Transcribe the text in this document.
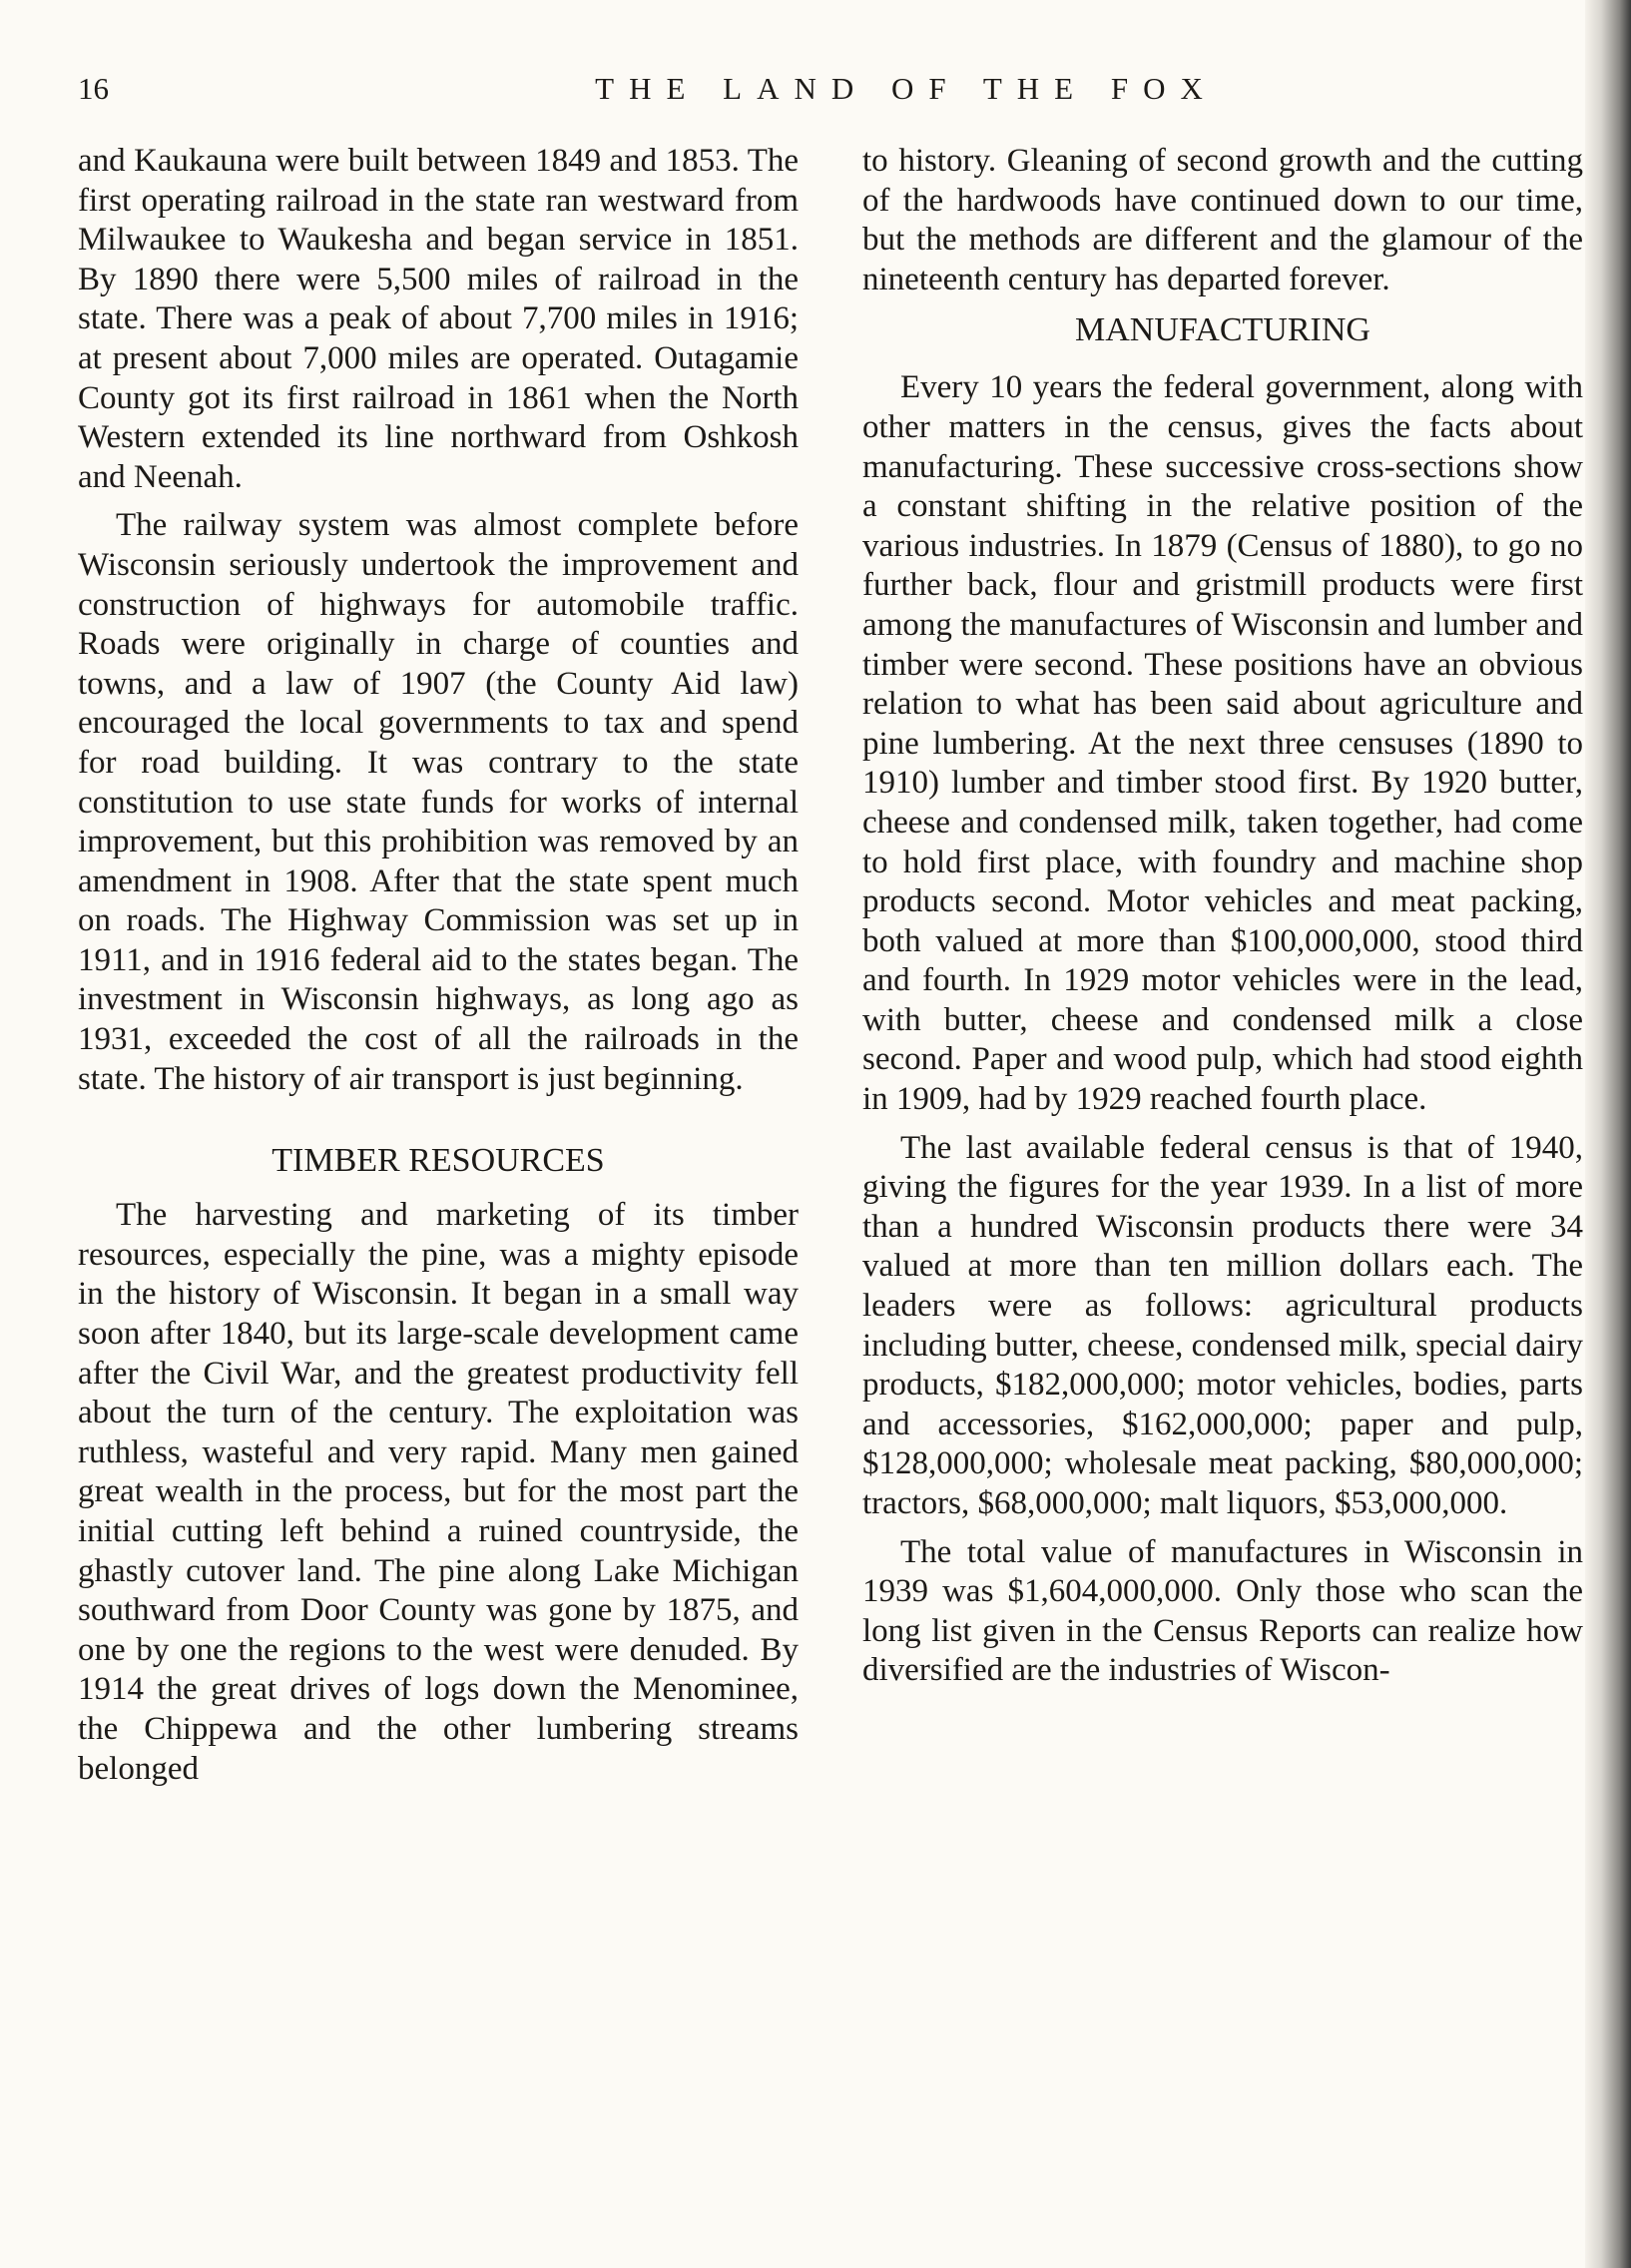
16	THE LAND OF THE FOX

and Kaukauna were built between 1849 and 1853. The first operating railroad in the state ran westward from Milwaukee to Waukesha and began service in 1851. By 1890 there were 5,500 miles of railroad in the state. There was a peak of about 7,700 miles in 1916; at present about 7,000 miles are operated. Outagamie County got its first railroad in 1861 when the North Western extended its line northward from Oshkosh and Neenah.

The railway system was almost complete before Wisconsin seriously undertook the improvement and construction of highways for automobile traffic. Roads were originally in charge of counties and towns, and a law of 1907 (the County Aid law) encouraged the local governments to tax and spend for road building. It was contrary to the state constitution to use state funds for works of internal improvement, but this prohibition was removed by an amendment in 1908. After that the state spent much on roads. The Highway Commission was set up in 1911, and in 1916 federal aid to the states began. The investment in Wisconsin highways, as long ago as 1931, exceeded the cost of all the railroads in the state. The history of air transport is just beginning.

TIMBER RESOURCES

The harvesting and marketing of its timber resources, especially the pine, was a mighty episode in the history of Wisconsin. It began in a small way soon after 1840, but its large-scale development came after the Civil War, and the greatest productivity fell about the turn of the century. The exploitation was ruthless, wasteful and very rapid. Many men gained great wealth in the process, but for the most part the initial cutting left behind a ruined countryside, the ghastly cutover land. The pine along Lake Michigan southward from Door County was gone by 1875, and one by one the regions to the west were denuded. By 1914 the great drives of logs down the Menominee, the Chippewa and the other lumbering streams belonged

to history. Gleaning of second growth and the cutting of the hardwoods have continued down to our time, but the methods are different and the glamour of the nineteenth century has departed forever.

MANUFACTURING

Every 10 years the federal government, along with other matters in the census, gives the facts about manufacturing. These successive cross-sections show a constant shifting in the relative position of the various industries. In 1879 (Census of 1880), to go no further back, flour and gristmill products were first among the manufactures of Wisconsin and lumber and timber were second. These positions have an obvious relation to what has been said about agriculture and pine lumbering. At the next three censuses (1890 to 1910) lumber and timber stood first. By 1920 butter, cheese and condensed milk, taken together, had come to hold first place, with foundry and machine shop products second. Motor vehicles and meat packing, both valued at more than $100,000,000, stood third and fourth. In 1929 motor vehicles were in the lead, with butter, cheese and condensed milk a close second. Paper and wood pulp, which had stood eighth in 1909, had by 1929 reached fourth place.

The last available federal census is that of 1940, giving the figures for the year 1939. In a list of more than a hundred Wisconsin products there were 34 valued at more than ten million dollars each. The leaders were as follows: agricultural products including butter, cheese, condensed milk, special dairy products, $182,000,000; motor vehicles, bodies, parts and accessories, $162,000,000; paper and pulp, $128,000,000; wholesale meat packing, $80,000,000; tractors, $68,000,000; malt liquors, $53,000,000.

The total value of manufactures in Wisconsin in 1939 was $1,604,000,000. Only those who scan the long list given in the Census Reports can realize how diversified are the industries of Wiscon-
